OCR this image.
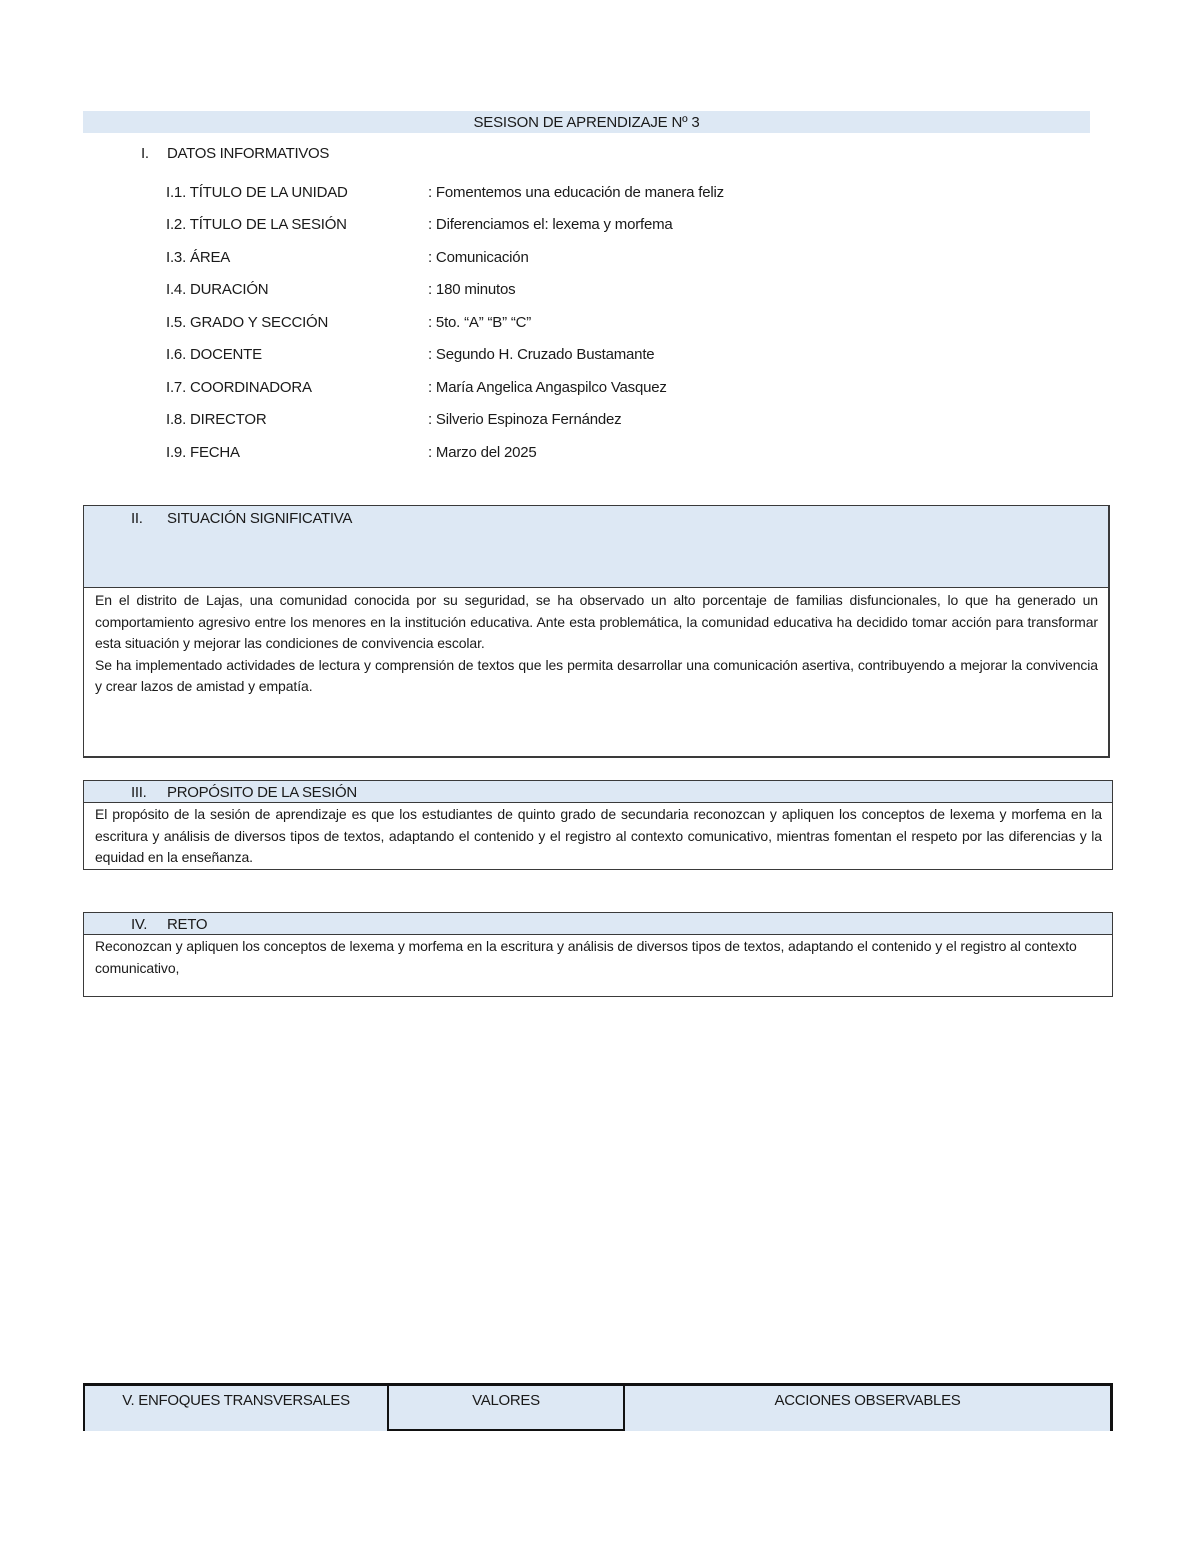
SESISON DE APRENDIZAJE Nº 3
I. DATOS INFORMATIVOS
I.1. TÍTULO DE LA UNIDAD	: Fomentemos una educación de manera feliz
I.2. TÍTULO DE LA SESIÓN	: Diferenciamos el: lexema y morfema
I.3. ÁREA	: Comunicación
I.4. DURACIÓN	: 180 minutos
I.5. GRADO Y SECCIÓN	: 5to. “A” “B” “C”
I.6. DOCENTE	: Segundo H. Cruzado Bustamante
I.7. COORDINADORA	: María Angelica Angaspilco Vasquez
I.8. DIRECTOR	: Silverio Espinoza Fernández
I.9. FECHA	: Marzo del 2025
II. SITUACIÓN SIGNIFICATIVA
En el distrito de Lajas, una comunidad conocida por su seguridad, se ha observado un alto porcentaje de familias disfuncionales, lo que ha generado un comportamiento agresivo entre los menores en la institución educativa. Ante esta problemática, la comunidad educativa ha decidido tomar acción para transformar esta situación y mejorar las condiciones de convivencia escolar.
Se ha implementado actividades de lectura y comprensión de textos que les permita desarrollar una comunicación asertiva, contribuyendo a mejorar la convivencia y crear lazos de amistad y empatía.
III. PROPÓSITO DE LA SESIÓN
El propósito de la sesión de aprendizaje es que los estudiantes de quinto grado de secundaria reconozcan y apliquen los conceptos de lexema y morfema en la escritura y análisis de diversos tipos de textos, adaptando el contenido y el registro al contexto comunicativo, mientras fomentan el respeto por las diferencias y la equidad en la enseñanza.
IV. RETO
Reconozcan y apliquen los conceptos de lexema y morfema en la escritura y análisis de diversos tipos de textos, adaptando el contenido y el registro al contexto comunicativo,
V. ENFOQUES TRANSVERSALES	VALORES	ACCIONES OBSERVABLES
